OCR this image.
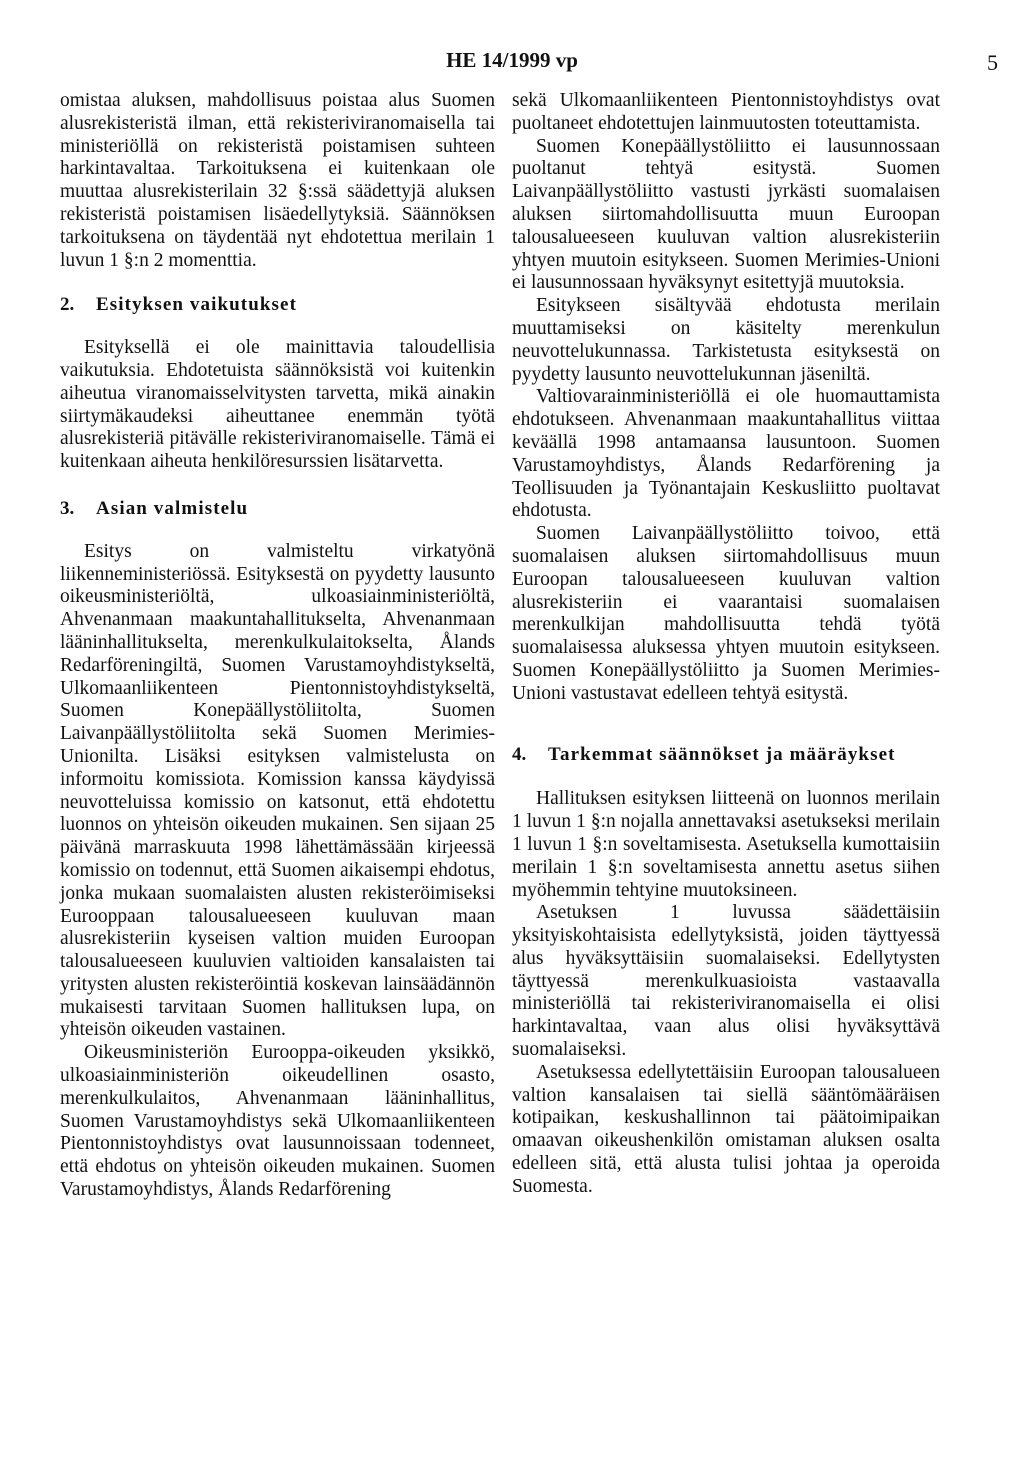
HE 14/1999 vp	5

omistaa aluksen, mahdollisuus poistaa alus Suomen alusrekisteristä ilman, että rekisteriviranomaisella tai ministeriöllä on rekisteristä poistamisen suhteen harkintavaltaa. Tarkoituksena ei kuitenkaan ole muuttaa alusrekisterilain 32 §:ssä säädettyjä aluksen rekisteristä poistamisen lisäedellytyksiä. Säännöksen tarkoituksena on täydentää nyt ehdotettua merilain 1 luvun 1 §:n 2 momenttia.

2.	Esityksen vaikutukset

Esityksellä ei ole mainittavia taloudellisia vaikutuksia. Ehdotetuista säännöksistä voi kuitenkin aiheutua viranomaisselvitysten tarvetta, mikä ainakin siirtymäkaudeksi aiheuttanee enemmän työtä alusrekisteriä pitävälle rekisteriviranomaiselle. Tämä ei kuitenkaan aiheuta henkilöresurssien lisätarvetta.

3.	Asian valmistelu

Esitys on valmisteltu virkatyönä liikenneministeriössä. Esityksestä on pyydetty lausunto oikeusministeriöltä, ulkoasiainministeriöltä, Ahvenanmaan maakuntahallitukselta, Ahvenanmaan lääninhallitukselta, merenkulkulaitokselta, Ålands Redarföreningiltä, Suomen Varustamoyhdistykseltä, Ulkomaanliikenteen Pientonnistoyhdistykseltä, Suomen Konepäällystöliitolta, Suomen Laivanpäällystöliitolta sekä Suomen Merimies-Unionilta. Lisäksi esityksen valmistelusta on informoitu komissiota. Komission kanssa käydyissä neuvotteluissa komissio on katsonut, että ehdotettu luonnos on yhteisön oikeuden mukainen. Sen sijaan 25 päivänä marraskuuta 1998 lähettämässään kirjeessä komissio on todennut, että Suomen aikaisempi ehdotus, jonka mukaan suomalaisten alusten rekisteröimiseksi Eurooppaan talousalueeseen kuuluvan maan alusrekisteriin kyseisen valtion muiden Euroopan talousalueeseen kuuluvien valtioiden kansalaisten tai yritysten alusten rekisteröintiä koskevan lainsäädännön mukaisesti tarvitaan Suomen hallituksen lupa, on yhteisön oikeuden vastainen.

Oikeusministeriön Eurooppa-oikeuden yksikkö, ulkoasiainministeriön oikeudellinen osasto, merenkulkulaitos, Ahvenanmaan lääninhallitus, Suomen Varustamoyhdistys sekä Ulkomaanliikenteen Pientonnistoyhdistys ovat lausunnoissaan todenneet, että ehdotus on yhteisön oikeuden mukainen. Suomen Varustamoyhdistys, Ålands Redarförening

sekä Ulkomaanliikenteen Pientonnistoyhdistys ovat puoltaneet ehdotettujen lainmuutosten toteuttamista.

Suomen Konepäällystöliitto ei lausunnossaan puoltanut tehtyä esitystä. Suomen Laivanpäällystöliitto vastusti jyrkästi suomalaisen aluksen siirtomahdollisuutta muun Euroopan talousalueeseen kuuluvan valtion alusrekisteriin yhtyen muutoin esitykseen. Suomen Merimies-Unioni ei lausunnossaan hyväksynyt esitettyjä muutoksia.

Esitykseen sisältyvää ehdotusta merilain muuttamiseksi on käsitelty merenkulun neuvottelukunnassa. Tarkistetusta esityksestä on pyydetty lausunto neuvottelukunnan jäseniltä.

Valtiovarainministeriöllä ei ole huomauttamista ehdotukseen. Ahvenanmaan maakuntahallitus viittaa keväällä 1998 antamaansa lausuntoon. Suomen Varustamoyhdistys, Ålands Redarförening ja Teollisuuden ja Työnantajain Keskusliitto puoltavat ehdotusta.

Suomen Laivanpäällystöliitto toivoo, että suomalaisen aluksen siirtomahdollisuus muun Euroopan talousalueeseen kuuluvan valtion alusrekisteriin ei vaarantaisi suomalaisen merenkulkijan mahdollisuutta tehdä työtä suomalaisessa aluksessa yhtyen muutoin esitykseen. Suomen Konepäällystöliitto ja Suomen Merimies-Unioni vastustavat edelleen tehtyä esitystä.

4.	Tarkemmat säännökset ja määräykset

Hallituksen esityksen liitteenä on luonnos merilain 1 luvun 1 §:n nojalla annettavaksi asetukseksi merilain 1 luvun 1 §:n soveltamisesta. Asetuksella kumottaisiin merilain 1 §:n soveltamisesta annettu asetus siihen myöhemmin tehtyine muutoksineen.

Asetuksen 1 luvussa säädettäisiin yksityiskohtaisista edellytyksistä, joiden täyttyessä alus hyväksyttäisiin suomalaiseksi. Edellytysten täyttyessä merenkulkuasioista vastaavalla ministeriöllä tai rekisteriviranomaisella ei olisi harkintavaltaa, vaan alus olisi hyväksyttävä suomalaiseksi.

Asetuksessa edellytettäisiin Euroopan talousalueen valtion kansalaisen tai siellä sääntömääräisen kotipaikan, keskushallinnon tai päätoimipaikan omaavan oikeushenkilön omistaman aluksen osalta edelleen sitä, että alusta tulisi johtaa ja operoida Suomesta.
